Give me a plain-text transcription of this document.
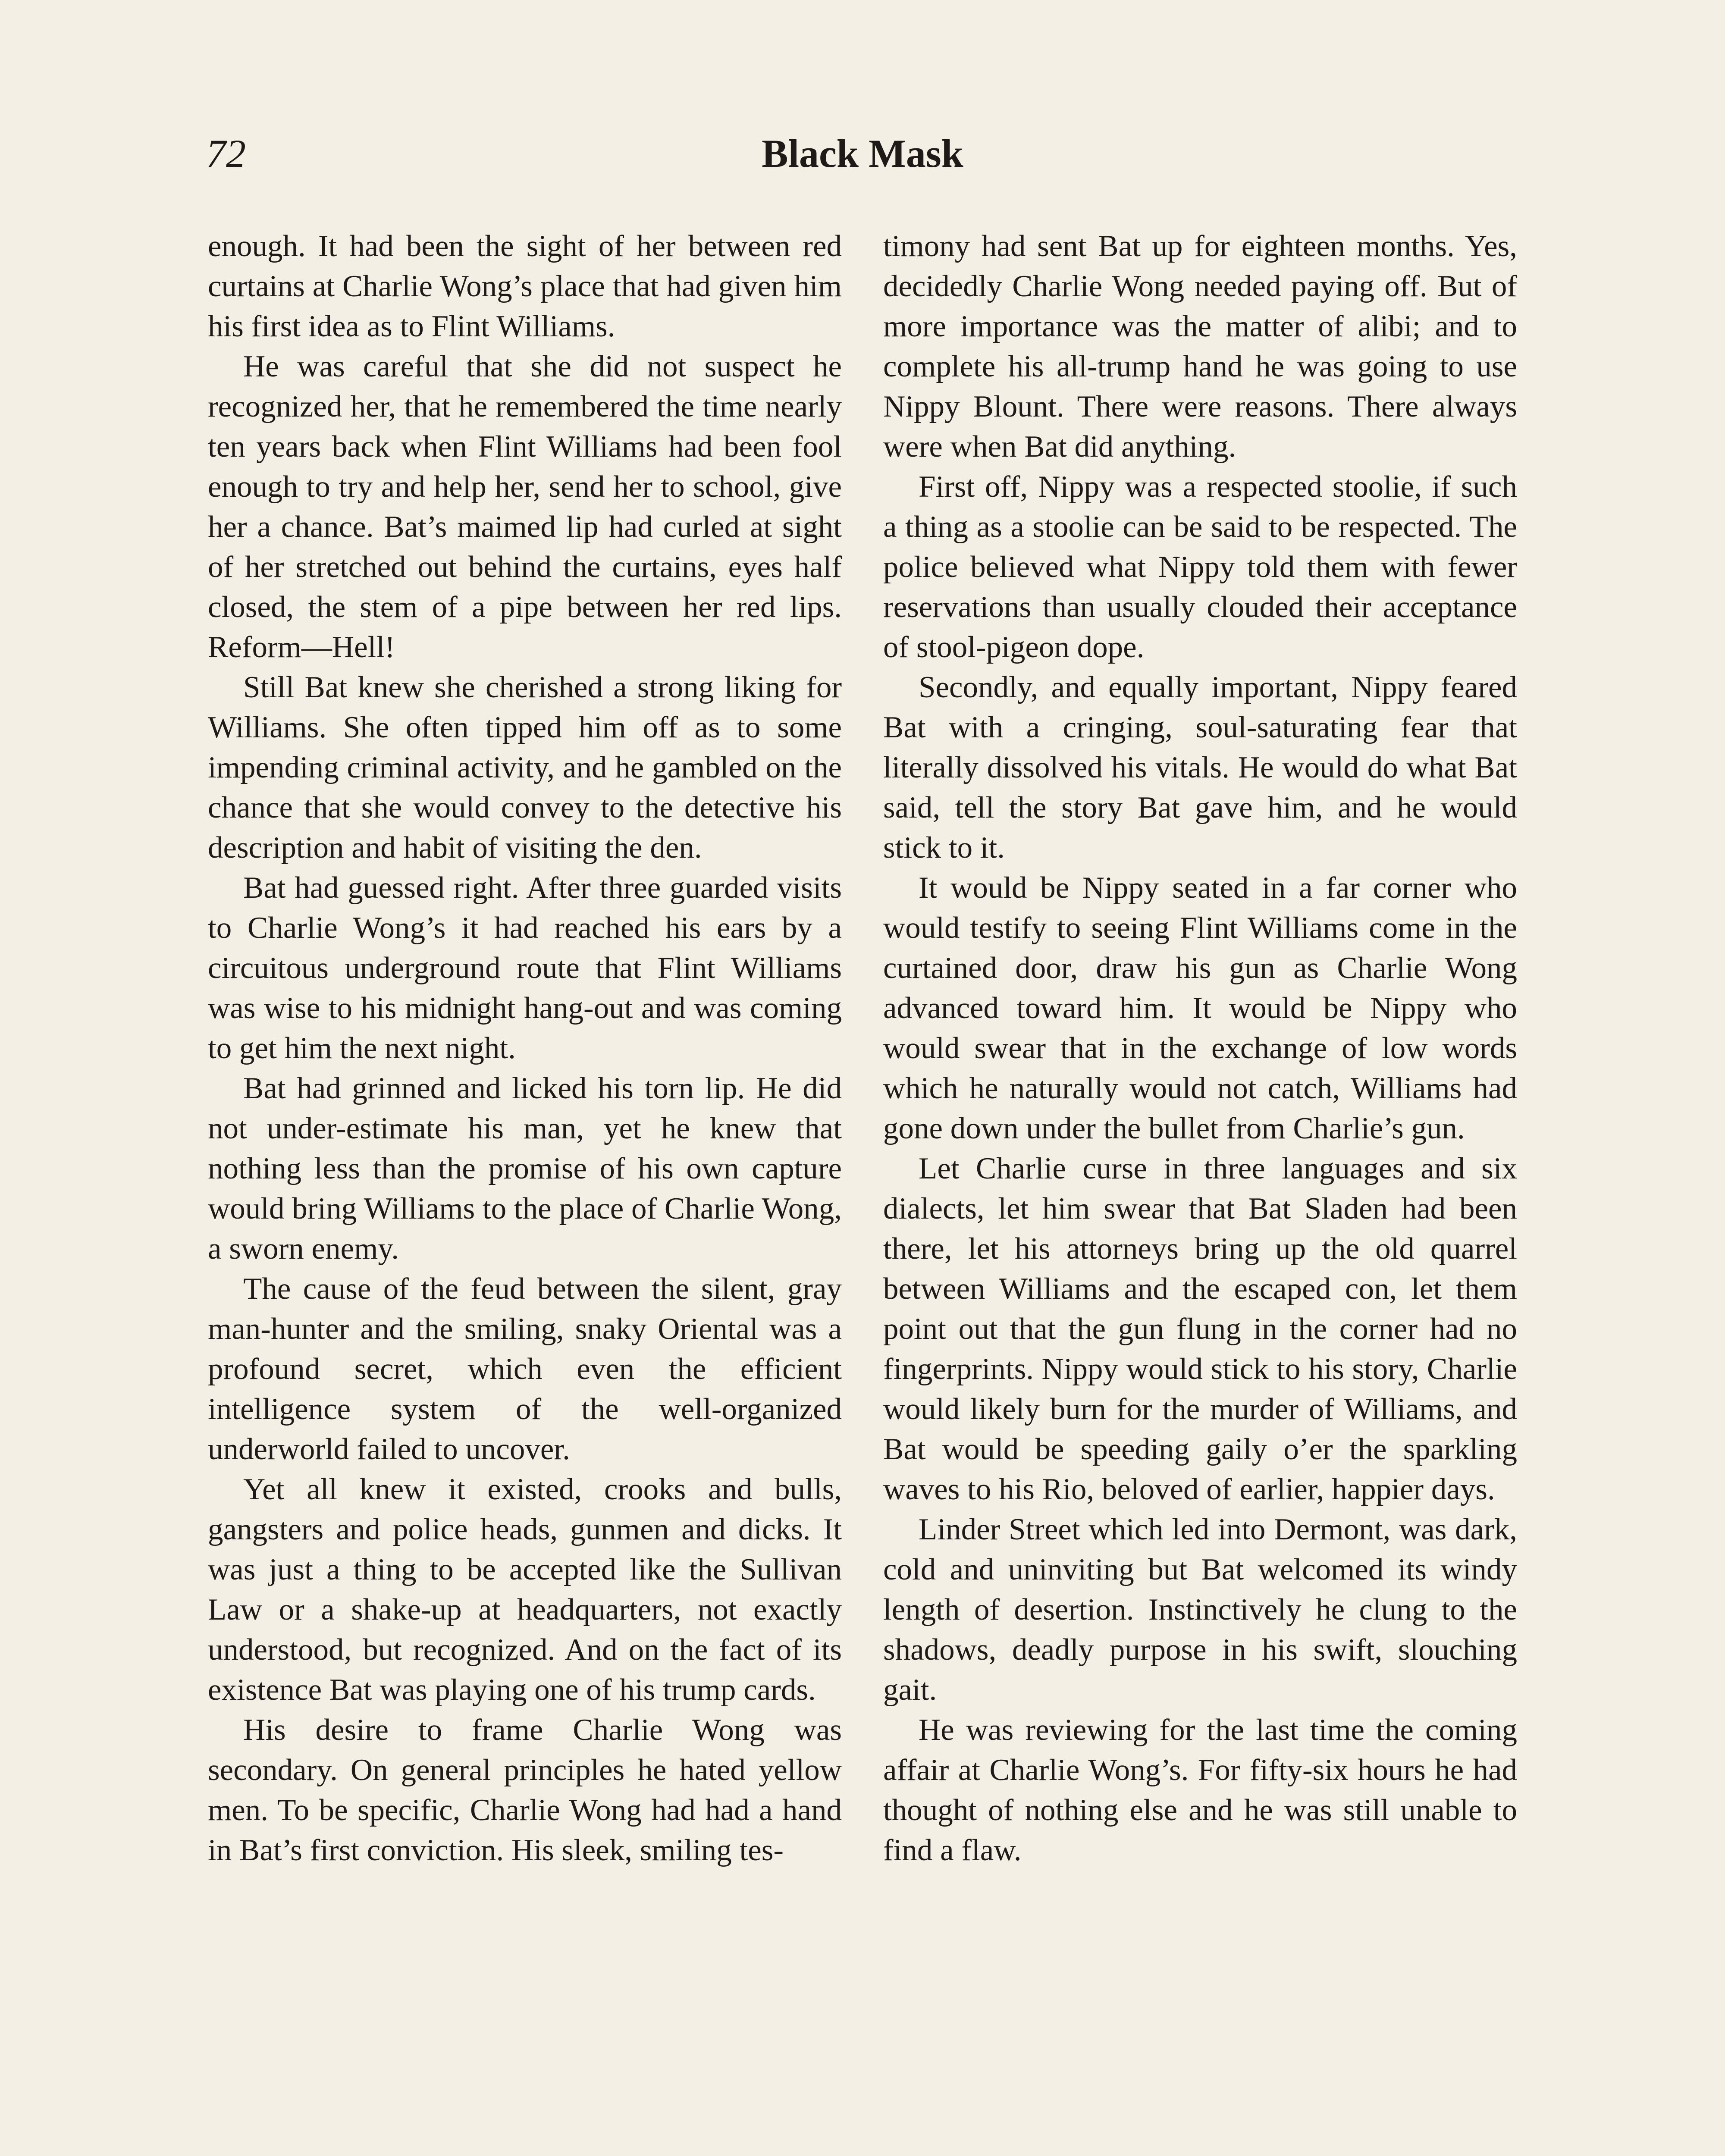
72	Black Mask

enough. It had been the sight of her between red curtains at Charlie Wong’s place that had given him his first idea as to Flint Williams.

He was careful that she did not suspect he recognized her, that he remembered the time nearly ten years back when Flint Williams had been fool enough to try and help her, send her to school, give her a chance. Bat’s maimed lip had curled at sight of her stretched out behind the curtains, eyes half closed, the stem of a pipe between her red lips. Reform—Hell!

Still Bat knew she cherished a strong liking for Williams. She often tipped him off as to some impending criminal activity, and he gambled on the chance that she would convey to the detective his description and habit of visiting the den.

Bat had guessed right. After three guarded visits to Charlie Wong’s it had reached his ears by a circuitous underground route that Flint Williams was wise to his midnight hang-out and was coming to get him the next night.

Bat had grinned and licked his torn lip. He did not under-estimate his man, yet he knew that nothing less than the promise of his own capture would bring Williams to the place of Charlie Wong, a sworn enemy.

The cause of the feud between the silent, gray man-hunter and the smiling, snaky Oriental was a profound secret, which even the efficient intelligence system of the well-organized underworld failed to uncover.

Yet all knew it existed, crooks and bulls, gangsters and police heads, gunmen and dicks. It was just a thing to be accepted like the Sullivan Law or a shake-up at headquarters, not exactly understood, but recognized. And on the fact of its existence Bat was playing one of his trump cards.

His desire to frame Charlie Wong was secondary. On general principles he hated yellow men. To be specific, Charlie Wong had had a hand in Bat’s first conviction. His sleek, smiling tes-

timony had sent Bat up for eighteen months. Yes, decidedly Charlie Wong needed paying off. But of more importance was the matter of alibi; and to complete his all-trump hand he was going to use Nippy Blount. There were reasons. There always were when Bat did anything.

First off, Nippy was a respected stoolie, if such a thing as a stoolie can be said to be respected. The police believed what Nippy told them with fewer reservations than usually clouded their acceptance of stool-pigeon dope.

Secondly, and equally important, Nippy feared Bat with a cringing, soul-saturating fear that literally dissolved his vitals. He would do what Bat said, tell the story Bat gave him, and he would stick to it.

It would be Nippy seated in a far corner who would testify to seeing Flint Williams come in the curtained door, draw his gun as Charlie Wong advanced toward him. It would be Nippy who would swear that in the exchange of low words which he naturally would not catch, Williams had gone down under the bullet from Charlie’s gun.

Let Charlie curse in three languages and six dialects, let him swear that Bat Sladen had been there, let his attorneys bring up the old quarrel between Williams and the escaped con, let them point out that the gun flung in the corner had no fingerprints. Nippy would stick to his story, Charlie would likely burn for the murder of Williams, and Bat would be speeding gaily o’er the sparkling waves to his Rio, beloved of earlier, happier days.

Linder Street which led into Dermont, was dark, cold and uninviting but Bat welcomed its windy length of desertion. Instinctively he clung to the shadows, deadly purpose in his swift, slouching gait.

He was reviewing for the last time the coming affair at Charlie Wong’s. For fifty-six hours he had thought of nothing else and he was still unable to find a flaw.
